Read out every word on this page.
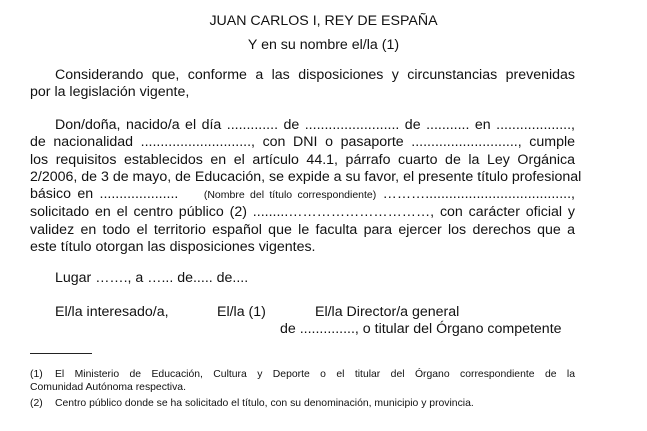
JUAN CARLOS I, REY DE ESPAÑA

Y en su nombre el/la (1)

Considerando que, conforme a las disposiciones y circunstancias prevenidas
por la legislación vigente,
Don/doña, nacido/a el día ............. de ........................ de ........... en ...................,
de nacionalidad ............................, con DNI o pasaporte ..........................., cumple
los requisitos establecidos en el artículo 44.1, párrafo cuarto de la Ley Orgánica
2/2006, de 3 de mayo, de Educación, se expide a su favor, el presente título profesional
básico en .................... (Nombre del título correspondiente) ……….....................................,
solicitado en el centro público (2) .........…………………………, con carácter oficial y
validez en todo el territorio español que le faculta para ejercer los derechos que a
este título otorgan las disposiciones vigentes.

Lugar ……., a …... de..... de....

El/la interesado/a,	El/la (1)	El/la Director/a general

de .............., o titular del Órgano competente

(1) El Ministerio de Educación, Cultura y Deporte o el titular del Órgano correspondiente de la
Comunidad Autónoma respectiva.
(2) Centro público donde se ha solicitado el título, con su denominación, municipio y provincia.
